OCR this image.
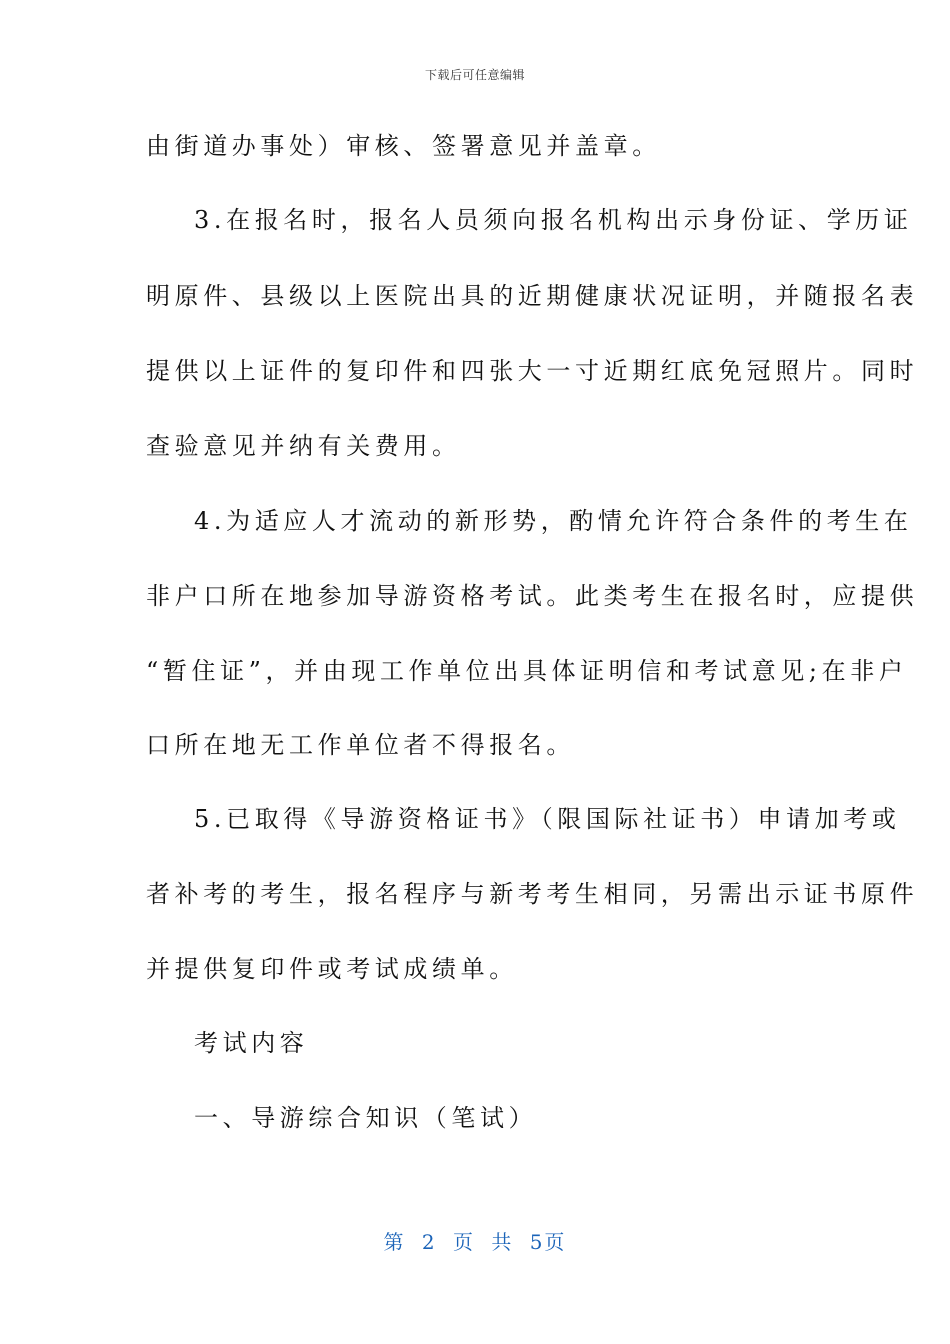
下载后可任意编辑
由街道办事处）审核、签署意见并盖章。
3.在报名时，报名人员须向报名机构出示身份证、学历证
明原件、县级以上医院出具的近期健康状况证明，并随报名表
提供以上证件的复印件和四张大一寸近期红底免冠照片。同时
查验意见并纳有关费用。
4.为适应人才流动的新形势，酌情允许符合条件的考生在
非户口所在地参加导游资格考试。此类考生在报名时，应提供
“暂住证”，并由现工作单位出具体证明信和考试意见;在非户
口所在地无工作单位者不得报名。
5.已取得《导游资格证书》（限国际社证书）申请加考或
者补考的考生，报名程序与新考考生相同，另需出示证书原件
并提供复印件或考试成绩单。
考试内容
一、导游综合知识（笔试）
第 2 页 共 5页
